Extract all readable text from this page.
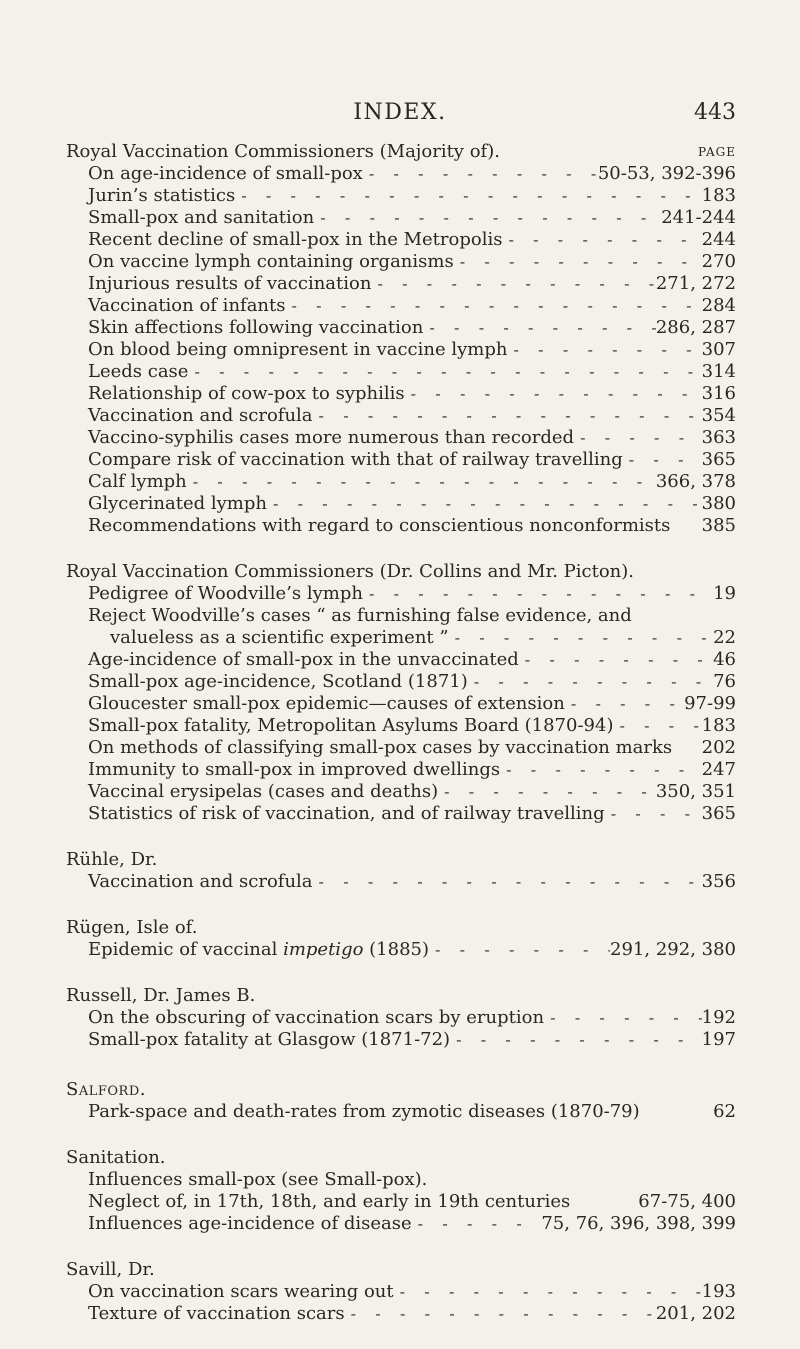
INDEX.	443
Royal Vaccination Commissioners (Majority of).	PAGE
On age-incidence of small-pox - -	50-53, 392-396
Jurin’s statistics - -	183
Small-pox and sanitation - -	241-244
Recent decline of small-pox in the Metropolis - -	244
On vaccine lymph containing organisms - -	270
Injurious results of vaccination - -	271, 272
Vaccination of infants - -	284
Skin affections following vaccination - -	286, 287
On blood being omnipresent in vaccine lymph - -	307
Leeds case - -	314
Relationship of cow-pox to syphilis - -	316
Vaccination and scrofula - -	354
Vaccino-syphilis cases more numerous than recorded - -	363
Compare risk of vaccination with that of railway travelling - -	365
Calf lymph - -	366, 378
Glycerinated lymph - -	380
Recommendations with regard to conscientious nonconformists 385
Royal Vaccination Commissioners (Dr. Collins and Mr. Picton).
Pedigree of Woodville’s lymph - -	19
Reject Woodville’s cases “ as furnishing false evidence, and
valueless as a scientific experiment ” - -	22
Age-incidence of small-pox in the unvaccinated - -	46
Small-pox age-incidence, Scotland (1871) - -	76
Gloucester small-pox epidemic—causes of extension - -	97-99
Small-pox fatality, Metropolitan Asylums Board (1870-94) - -	183
On methods of classifying small-pox cases by vaccination marks 202
Immunity to small-pox in improved dwellings - -	247
Vaccinal erysipelas (cases and deaths) - -	350, 351
Statistics of risk of vaccination, and of railway travelling - -	365
Rühle, Dr.
Vaccination and scrofula - -	356
Rügen, Isle of.
Epidemic of vaccinal impetigo (1885) - -	291, 292, 380
Russell, Dr. James B.
On the obscuring of vaccination scars by eruption - -	192
Small-pox fatality at Glasgow (1871-72) - -	197
Salford.
Park-space and death-rates from zymotic diseases (1870-79)	62
Sanitation.
Influences small-pox (see Small-pox).
Neglect of, in 17th, 18th, and early in 19th centuries	67-75, 400
Influences age-incidence of disease - -	75, 76, 396, 398, 399
Savill, Dr.
On vaccination scars wearing out - -	193
Texture of vaccination scars - -	201, 202
